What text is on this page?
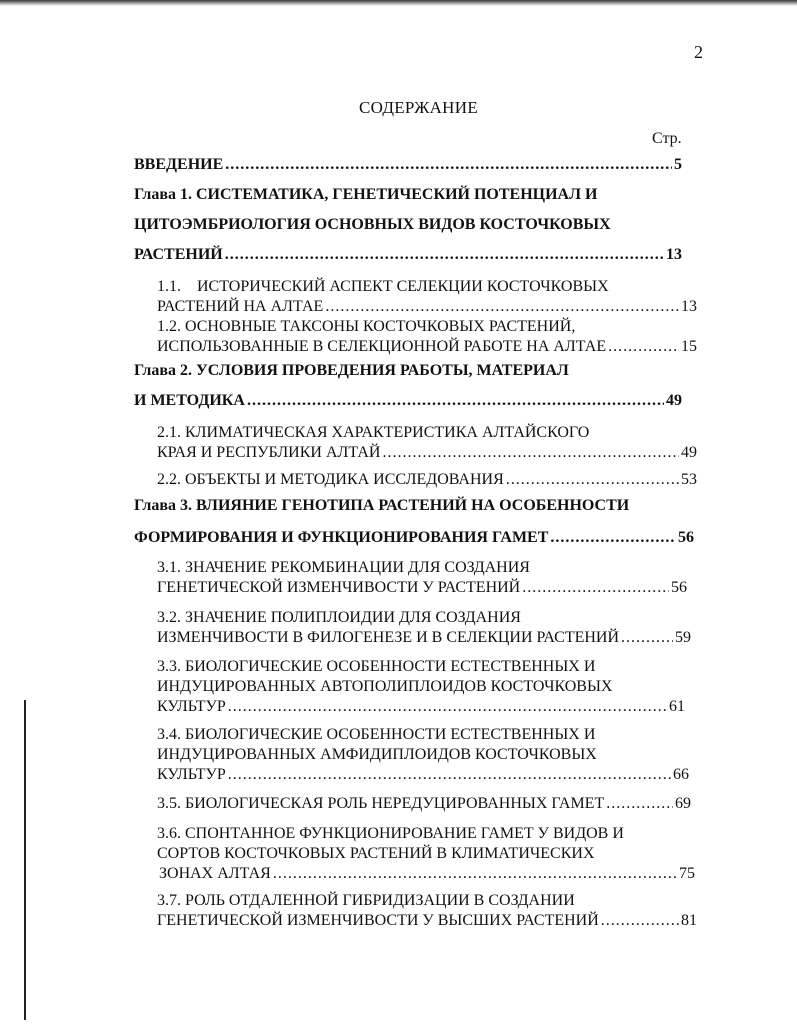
2
СОДЕРЖАНИЕ
Стр.
ВВЕДЕНИЕ .....	5
Глава 1. СИСТЕМАТИКА, ГЕНЕТИЧЕСКИЙ ПОТЕНЦИАЛ И
ЦИТОЭМБРИОЛОГИЯ ОСНОВНЫХ ВИДОВ КОСТОЧКОВЫХ
РАСТЕНИЙ .....	13
1.1.    ИСТОРИЧЕСКИЙ АСПЕКТ СЕЛЕКЦИИ КОСТОЧКОВЫХ
РАСТЕНИЙ НА АЛТАЕ .....	13
1.2. ОСНОВНЫЕ ТАКСОНЫ КОСТОЧКОВЫХ РАСТЕНИЙ,
ИСПОЛЬЗОВАННЫЕ В СЕЛЕКЦИОННОЙ РАБОТЕ НА АЛТАЕ .....	15
Глава 2. УСЛОВИЯ ПРОВЕДЕНИЯ РАБОТЫ, МАТЕРИАЛ
И МЕТОДИКА .....	49
2.1. КЛИМАТИЧЕСКАЯ ХАРАКТЕРИСТИКА АЛТАЙСКОГО
КРАЯ И РЕСПУБЛИКИ АЛТАЙ .....	49
2.2. ОБЪЕКТЫ И МЕТОДИКА ИССЛЕДОВАНИЯ .....	53
Глава 3. ВЛИЯНИЕ ГЕНОТИПА РАСТЕНИЙ НА ОСОБЕННОСТИ
ФОРМИРОВАНИЯ И ФУНКЦИОНИРОВАНИЯ ГАМЕТ .....	56
3.1. ЗНАЧЕНИЕ РЕКОМБИНАЦИИ ДЛЯ СОЗДАНИЯ
ГЕНЕТИЧЕСКОЙ ИЗМЕНЧИВОСТИ У РАСТЕНИЙ .....	56
3.2. ЗНАЧЕНИЕ ПОЛИПЛОИДИИ ДЛЯ СОЗДАНИЯ
ИЗМЕНЧИВОСТИ В ФИЛОГЕНЕЗЕ И В СЕЛЕКЦИИ РАСТЕНИЙ .....	59
3.3. БИОЛОГИЧЕСКИЕ ОСОБЕННОСТИ ЕСТЕСТВЕННЫХ И
ИНДУЦИРОВАННЫХ АВТОПОЛИПЛОИДОВ КОСТОЧКОВЫХ
КУЛЬТУР .....	61
3.4. БИОЛОГИЧЕСКИЕ ОСОБЕННОСТИ ЕСТЕСТВЕННЫХ И
ИНДУЦИРОВАННЫХ АМФИДИПЛОИДОВ КОСТОЧКОВЫХ
КУЛЬТУР .....	66
3.5. БИОЛОГИЧЕСКАЯ РОЛЬ НЕРЕДУЦИРОВАННЫХ ГАМЕТ .....	69
3.6. СПОНТАННОЕ ФУНКЦИОНИРОВАНИЕ ГАМЕТ У ВИДОВ И
СОРТОВ КОСТОЧКОВЫХ РАСТЕНИЙ В КЛИМАТИЧЕСКИХ
ЗОНАХ АЛТАЯ .....	75
3.7. РОЛЬ ОТДАЛЕННОЙ ГИБРИДИЗАЦИИ В СОЗДАНИИ
ГЕНЕТИЧЕСКОЙ ИЗМЕНЧИВОСТИ У ВЫСШИХ РАСТЕНИЙ .....	81
